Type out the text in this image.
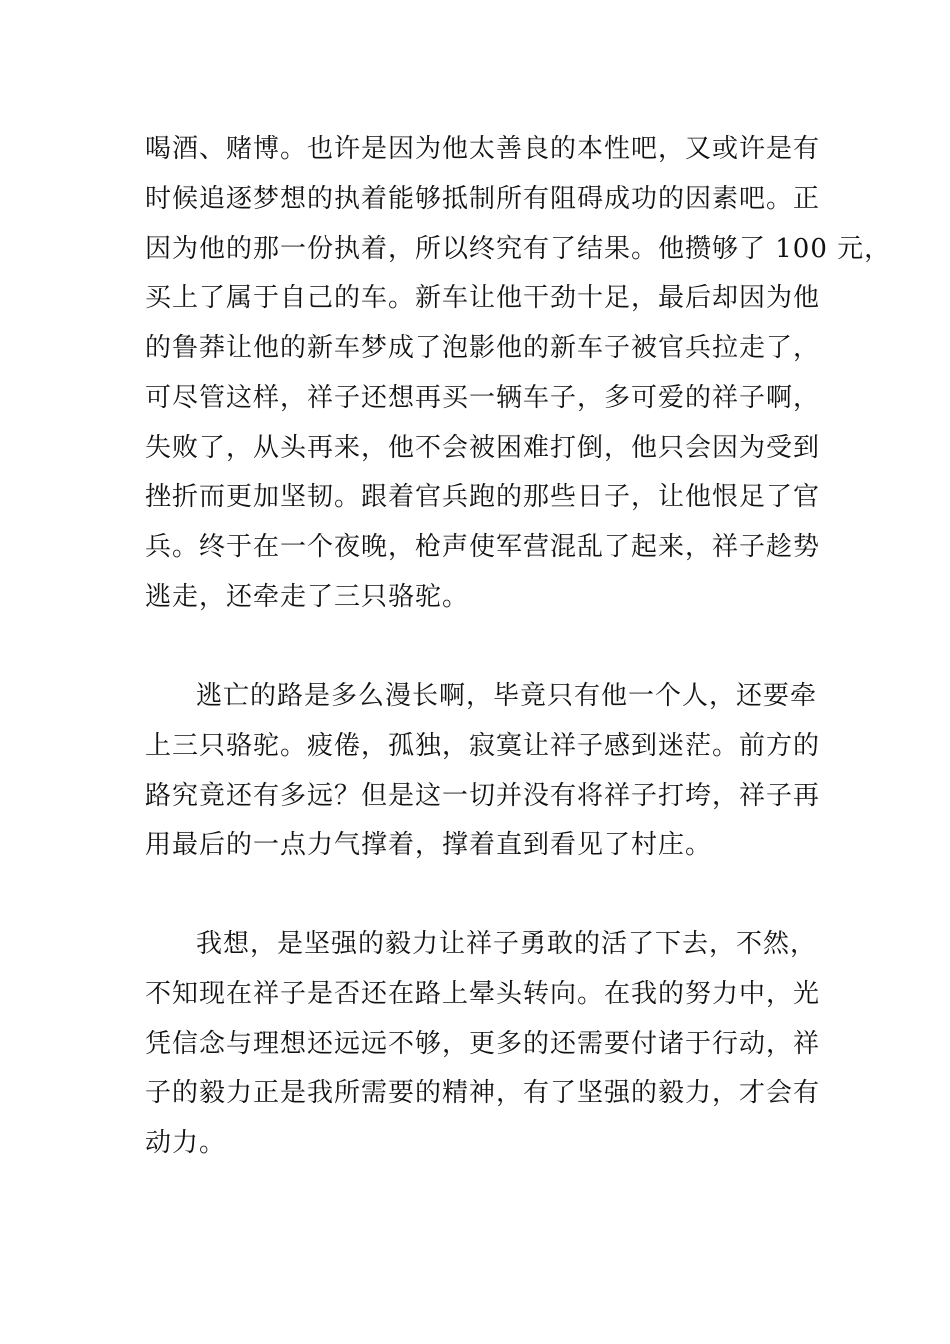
喝酒、赌博。也许是因为他太善良的本性吧，又或许是有
时候追逐梦想的执着能够抵制所有阻碍成功的因素吧。正
因为他的那一份执着，所以终究有了结果。他攒够了 100 元，
买上了属于自己的车。新车让他干劲十足，最后却因为他
的鲁莽让他的新车梦成了泡影他的新车子被官兵拉走了，
可尽管这样，祥子还想再买一辆车子，多可爱的祥子啊，
失败了，从头再来，他不会被困难打倒，他只会因为受到
挫折而更加坚韧。跟着官兵跑的那些日子，让他恨足了官
兵。终于在一个夜晚，枪声使军营混乱了起来，祥子趁势
逃走，还牵走了三只骆驼。
逃亡的路是多么漫长啊，毕竟只有他一个人，还要牵
上三只骆驼。疲倦，孤独，寂寞让祥子感到迷茫。前方的
路究竟还有多远？但是这一切并没有将祥子打垮，祥子再
用最后的一点力气撑着，撑着直到看见了村庄。
我想，是坚强的毅力让祥子勇敢的活了下去，不然，
不知现在祥子是否还在路上晕头转向。在我的努力中，光
凭信念与理想还远远不够，更多的还需要付诸于行动，祥
子的毅力正是我所需要的精神，有了坚强的毅力，才会有
动力。
